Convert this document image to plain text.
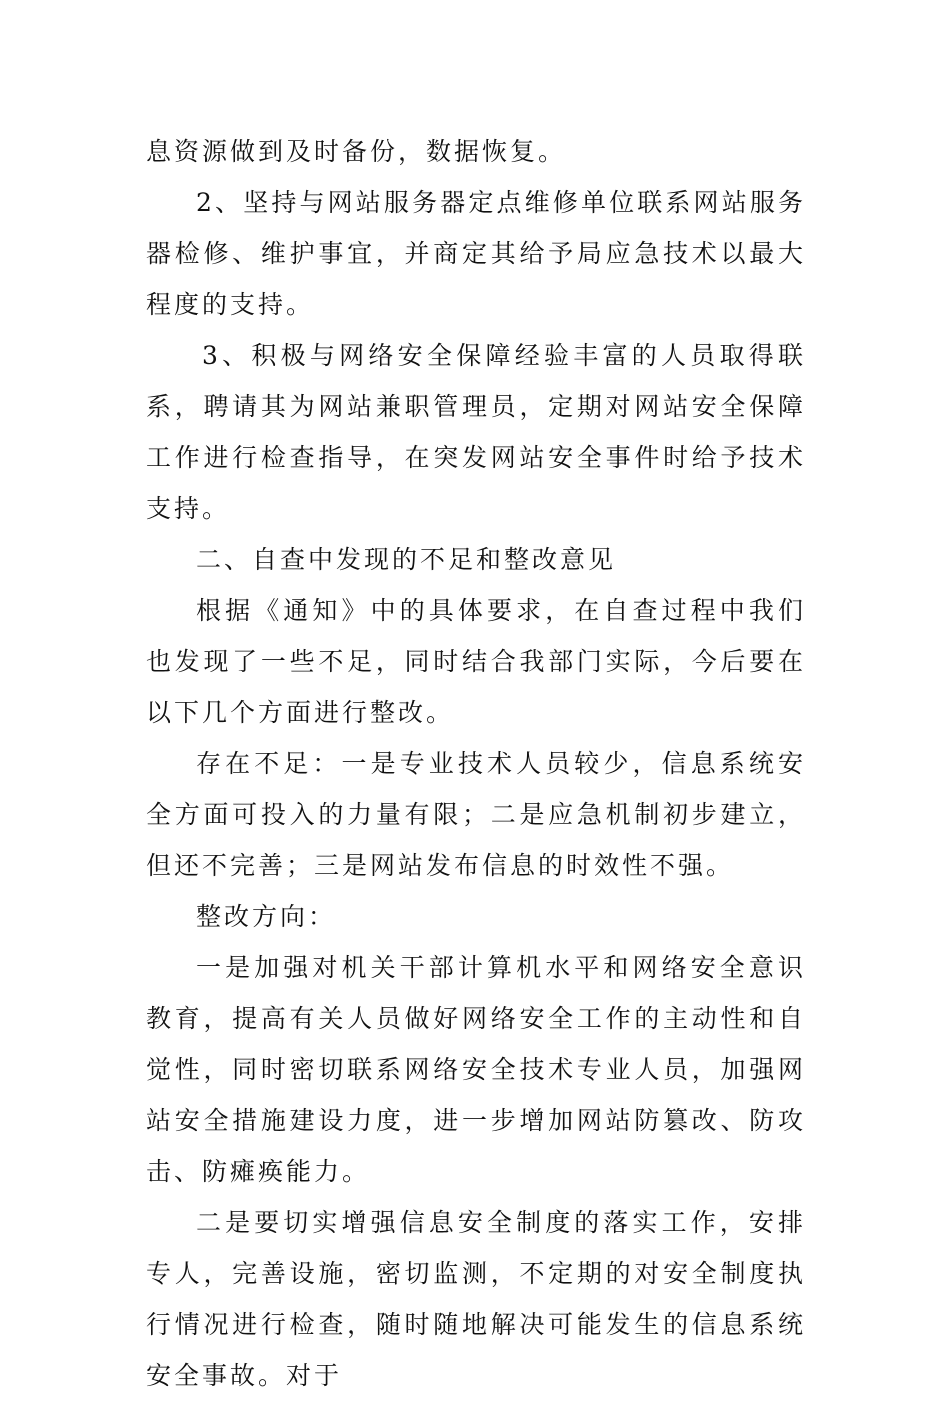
息资源做到及时备份，数据恢复。

2、坚持与网站服务器定点维修单位联系网站服务器检修、维护事宜，并商定其给予局应急技术以最大程度的支持。

3、积极与网络安全保障经验丰富的人员取得联系，聘请其为网站兼职管理员，定期对网站安全保障工作进行检查指导，在突发网站安全事件时给予技术支持。

二、自查中发现的不足和整改意见

根据《通知》中的具体要求，在自查过程中我们也发现了一些不足，同时结合我部门实际，今后要在以下几个方面进行整改。

存在不足：一是专业技术人员较少，信息系统安全方面可投入的力量有限；二是应急机制初步建立，但还不完善；三是网站发布信息的时效性不强。

整改方向：

一是加强对机关干部计算机水平和网络安全意识教育，提高有关人员做好网络安全工作的主动性和自觉性，同时密切联系网络安全技术专业人员，加强网站安全措施建设力度，进一步增加网站防篡改、防攻击、防瘫痪能力。

二是要切实增强信息安全制度的落实工作，安排专人，完善设施，密切监测，不定期的对安全制度执行情况进行检查，随时随地解决可能发生的信息系统安全事故。对于
